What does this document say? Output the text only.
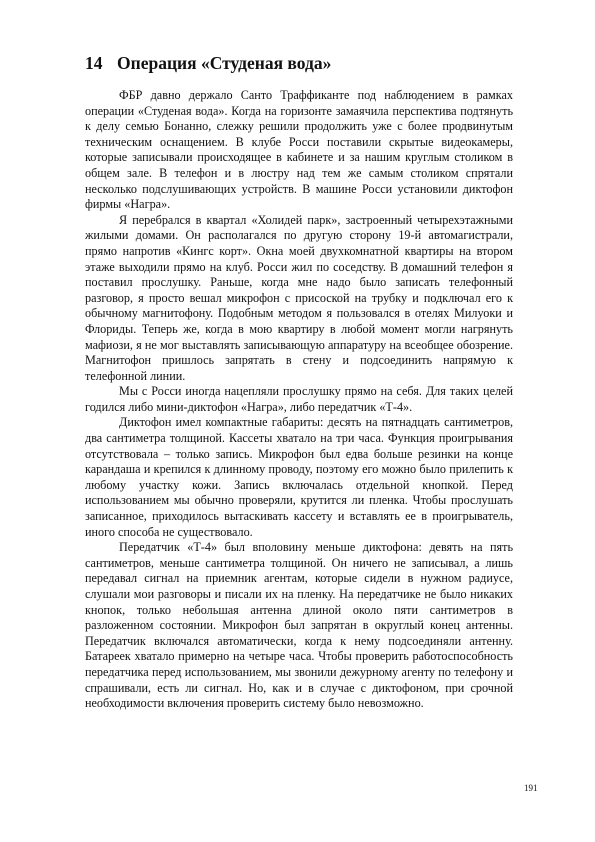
14 Операция «Студеная вода»

ФБР давно держало Санто Траффиканте под наблюдением в рамках операции «Студеная вода». Когда на горизонте замаячила перспектива подтянуть к делу семью Бонанно, слежку решили продолжить уже с более продвинутым техническим оснащением. В клубе Росси поставили скрытые видеокамеры, которые записывали происходящее в кабинете и за нашим круглым столиком в общем зале. В телефон и в люстру над тем же самым столиком спрятали несколько подслушивающих устройств. В машине Росси установили диктофон фирмы «Награ».

Я перебрался в квартал «Холидей парк», застроенный четырехэтажными жилыми домами. Он располагался по другую сторону 19-й автомагистрали, прямо напротив «Кингс корт». Окна моей двухкомнатной квартиры на втором этаже выходили прямо на клуб. Росси жил по соседству. В домашний телефон я поставил прослушку. Раньше, когда мне надо было записать телефонный разговор, я просто вешал микрофон с присоской на трубку и подключал его к обычному магнитофону. Подобным методом я пользовался в отелях Милуоки и Флориды. Теперь же, когда в мою квартиру в любой момент могли нагрянуть мафиози, я не мог выставлять записывающую аппаратуру на всеобщее обозрение. Магнитофон пришлось запрятать в стену и подсоединить напрямую к телефонной линии.

Мы с Росси иногда нацепляли прослушку прямо на себя. Для таких целей годился либо мини-диктофон «Награ», либо передатчик «Т-4».

Диктофон имел компактные габариты: десять на пятнадцать сантиметров, два сантиметра толщиной. Кассеты хватало на три часа. Функция проигрывания отсутствовала – только запись. Микрофон был едва больше резинки на конце карандаша и крепился к длинному проводу, поэтому его можно было прилепить к любому участку кожи. Запись включалась отдельной кнопкой. Перед использованием мы обычно проверяли, крутится ли пленка. Чтобы прослушать записанное, приходилось вытаскивать кассету и вставлять ее в проигрыватель, иного способа не существовало.

Передатчик «Т-4» был вполовину меньше диктофона: девять на пять сантиметров, меньше сантиметра толщиной. Он ничего не записывал, а лишь передавал сигнал на приемник агентам, которые сидели в нужном радиусе, слушали мои разговоры и писали их на пленку. На передатчике не было никаких кнопок, только небольшая антенна длиной около пяти сантиметров в разложенном состоянии. Микрофон был запрятан в округлый конец антенны. Передатчик включался автоматически, когда к нему подсоединяли антенну. Батареек хватало примерно на четыре часа. Чтобы проверить работоспособность передатчика перед использованием, мы звонили дежурному агенту по телефону и спрашивали, есть ли сигнал. Но, как и в случае с диктофоном, при срочной необходимости включения проверить систему было невозможно.

191
